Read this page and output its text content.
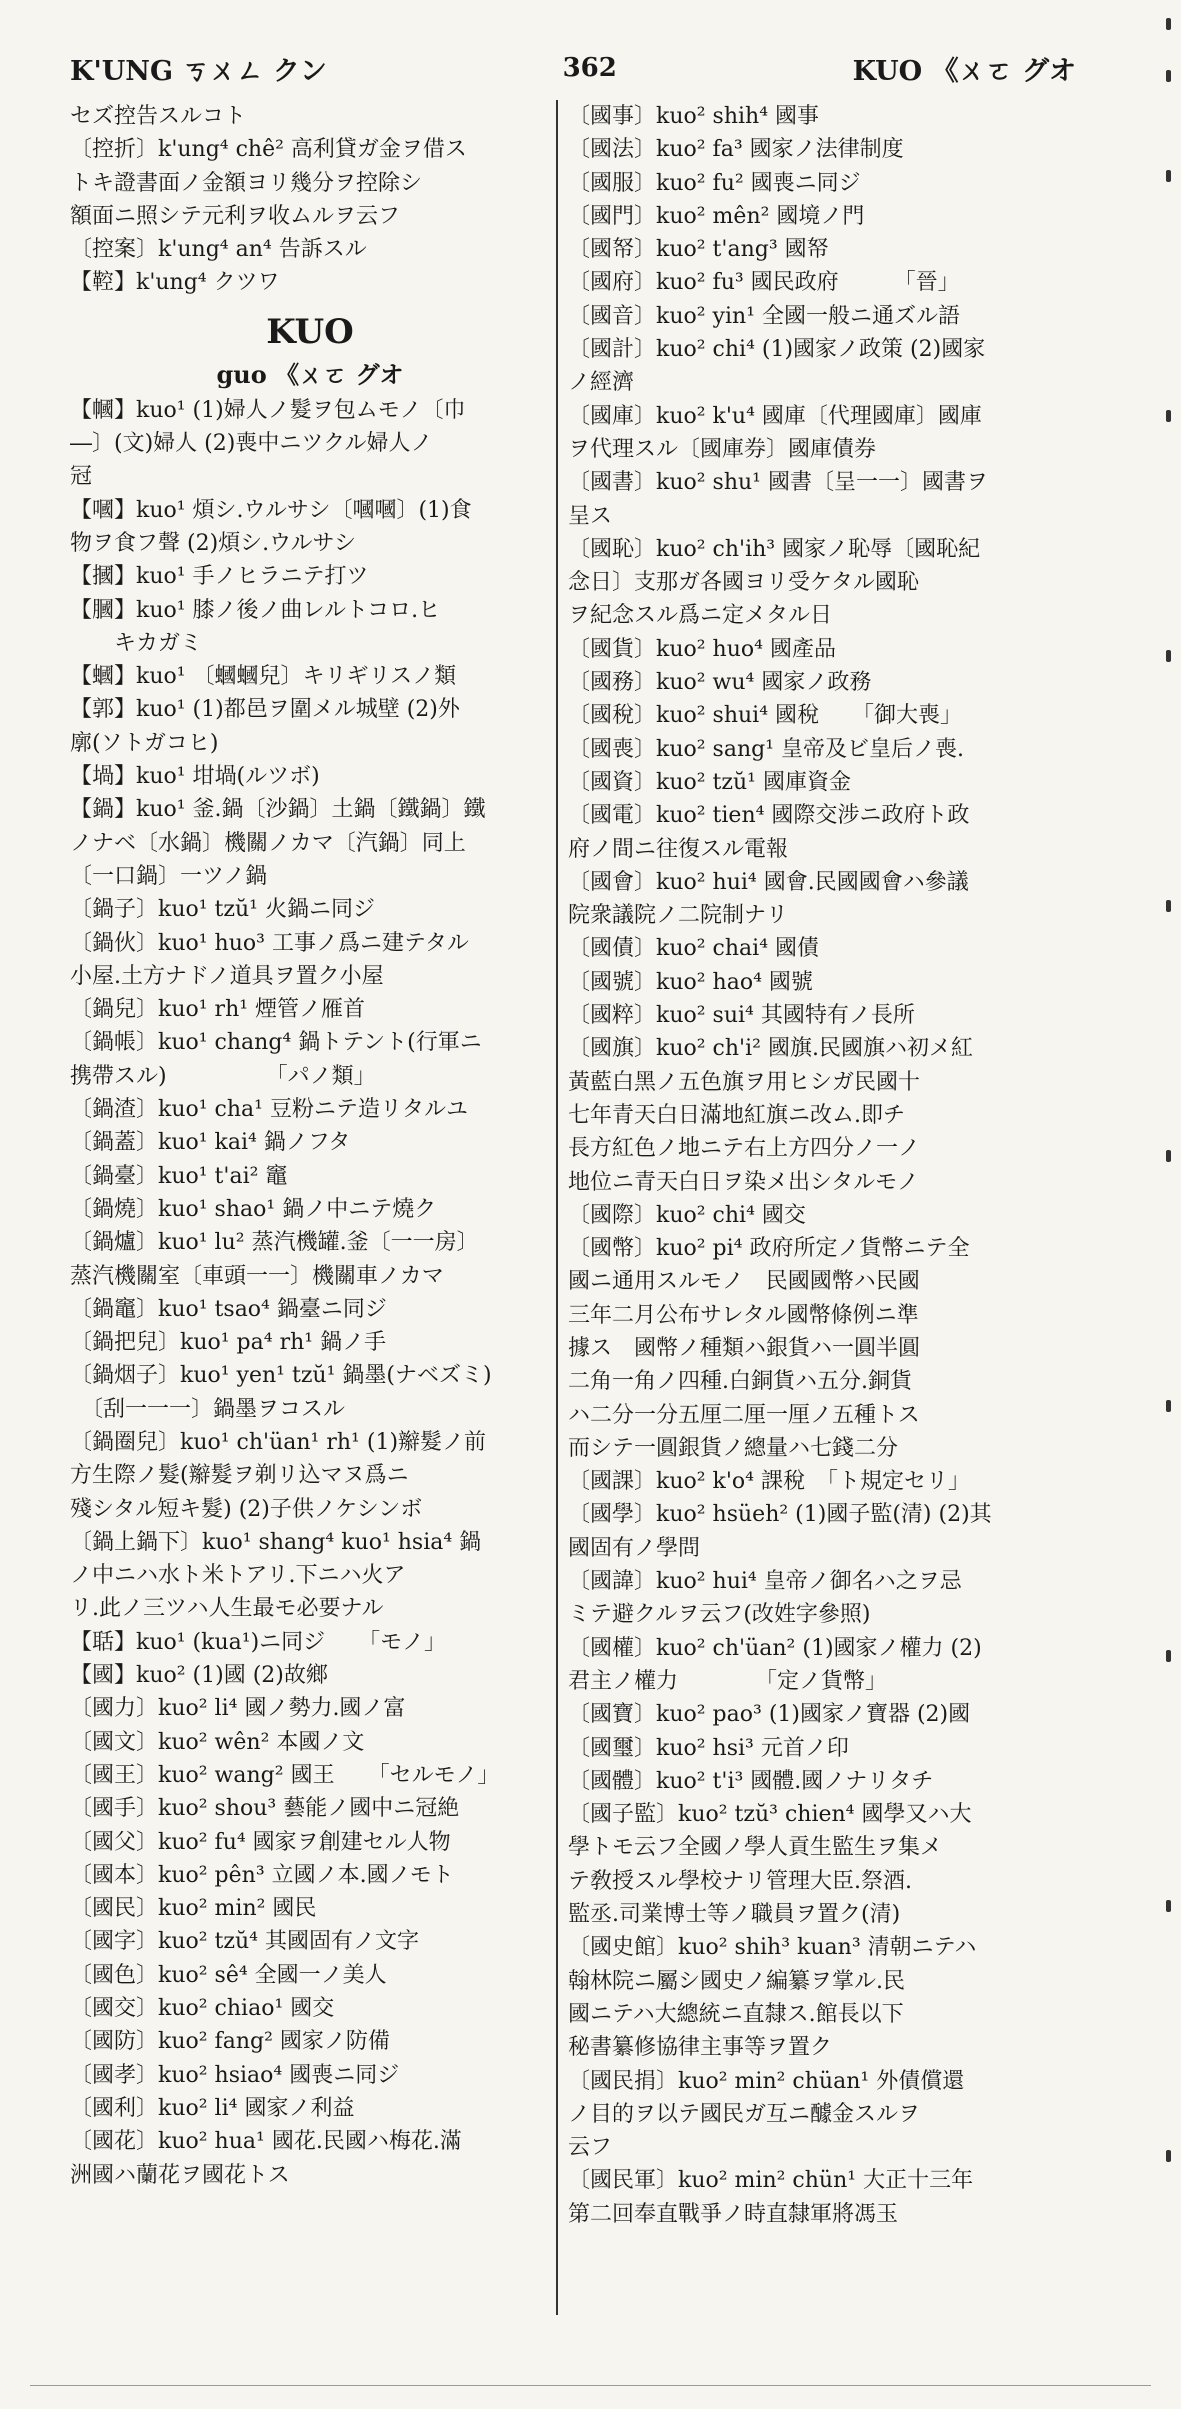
K'UNG ㄎㄨㄥ クン	362	KUO 《ㄨㄛ グオ
セズ控告スルコト
〔控折〕k'ung⁴ chê² 高利貸ガ金ヲ借ス
トキ證書面ノ金額ヨリ幾分ヲ控除シ
額面ニ照シテ元利ヲ收ムルヲ云フ
〔控案〕k'ung⁴ an⁴ 告訴スル
【鞚】k'ung⁴ クツワ
KUO
guo 《ㄨㄛ グオ
【幗】kuo¹ (1)婦人ノ髮ヲ包ムモノ〔巾
―〕(文)婦人 (2)喪中ニツクル婦人ノ
冠
【嘓】kuo¹ 煩シ.ウルサシ〔嘓嘓〕(1)食
物ヲ食フ聲 (2)煩シ.ウルサシ
【摑】kuo¹ 手ノヒラニテ打ツ
【膕】kuo¹ 膝ノ後ノ曲レルトコロ.ヒ
　　キカガミ
【蟈】kuo¹ 〔蟈蟈兒〕キリギリスノ類
【郭】kuo¹ (1)都邑ヲ圍メル城壁 (2)外
廓(ソトガコヒ)
【堝】kuo¹ 坩堝(ルツボ)
【鍋】kuo¹ 釜.鍋〔沙鍋〕土鍋〔鐵鍋〕鐵
ノナベ〔水鍋〕機關ノカマ〔汽鍋〕同上
〔一口鍋〕一ツノ鍋
〔鍋子〕kuo¹ tzŭ¹ 火鍋ニ同ジ
〔鍋伙〕kuo¹ huo³ 工事ノ爲ニ建テタル
小屋.土方ナドノ道具ヲ置ク小屋
〔鍋兒〕kuo¹ rh¹ 煙管ノ雁首
〔鍋帳〕kuo¹ chang⁴ 鍋トテント(行軍ニ
携帶スル)　　　　　「パノ類」
〔鍋渣〕kuo¹ cha¹ 豆粉ニテ造リタルユ
〔鍋蓋〕kuo¹ kai⁴ 鍋ノフタ
〔鍋臺〕kuo¹ t'ai² 竈
〔鍋燒〕kuo¹ shao¹ 鍋ノ中ニテ燒ク
〔鍋爐〕kuo¹ lu² 蒸汽機罐.釜〔一一房〕
蒸汽機關室〔車頭一一〕機關車ノカマ
〔鍋竈〕kuo¹ tsao⁴ 鍋臺ニ同ジ
〔鍋把兒〕kuo¹ pa⁴ rh¹ 鍋ノ手
〔鍋烟子〕kuo¹ yen¹ tzŭ¹ 鍋墨(ナベズミ)
　〔刮一一一〕鍋墨ヲコスル
〔鍋圈兒〕kuo¹ ch'üan¹ rh¹ (1)辮髮ノ前
方生際ノ髮(辮髮ヲ剃リ込マヌ爲ニ
殘シタル短キ髮) (2)子供ノケシンボ
〔鍋上鍋下〕kuo¹ shang⁴ kuo¹ hsia⁴ 鍋
ノ中ニハ水ト米トアリ.下ニハ火ア
リ.此ノ三ツハ人生最モ必要ナル
【聒】kuo¹ (kua¹)ニ同ジ　　「モノ」
【國】kuo² (1)國 (2)故鄉
〔國力〕kuo² li⁴ 國ノ勢力.國ノ富
〔國文〕kuo² wên² 本國ノ文
〔國王〕kuo² wang² 國王　　「セルモノ」
〔國手〕kuo² shou³ 藝能ノ國中ニ冠絶
〔國父〕kuo² fu⁴ 國家ヲ創建セル人物
〔國本〕kuo² pên³ 立國ノ本.國ノモト
〔國民〕kuo² min² 國民
〔國字〕kuo² tzŭ⁴ 其國固有ノ文字
〔國色〕kuo² sê⁴ 全國一ノ美人
〔國交〕kuo² chiao¹ 國交
〔國防〕kuo² fang² 國家ノ防備
〔國孝〕kuo² hsiao⁴ 國喪ニ同ジ
〔國利〕kuo² li⁴ 國家ノ利益
〔國花〕kuo² hua¹ 國花.民國ハ梅花.滿
洲國ハ蘭花ヲ國花トス
〔國事〕kuo² shih⁴ 國事
〔國法〕kuo² fa³ 國家ノ法律制度
〔國服〕kuo² fu² 國喪ニ同ジ
〔國門〕kuo² mên² 國境ノ門
〔國帑〕kuo² t'ang³ 國帑
〔國府〕kuo² fu³ 國民政府　　　「晉」
〔國音〕kuo² yin¹ 全國一般ニ通ズル語
〔國計〕kuo² chi⁴ (1)國家ノ政策 (2)國家
ノ經濟
〔國庫〕kuo² k'u⁴ 國庫〔代理國庫〕國庫
ヲ代理スル〔國庫券〕國庫債券
〔國書〕kuo² shu¹ 國書〔呈一一〕國書ヲ
呈ス
〔國恥〕kuo² ch'ih³ 國家ノ恥辱〔國恥紀
念日〕支那ガ各國ヨリ受ケタル國恥
ヲ紀念スル爲ニ定メタル日
〔國貨〕kuo² huo⁴ 國產品
〔國務〕kuo² wu⁴ 國家ノ政務
〔國稅〕kuo² shui⁴ 國稅　　「御大喪」
〔國喪〕kuo² sang¹ 皇帝及ビ皇后ノ喪.
〔國資〕kuo² tzŭ¹ 國庫資金
〔國電〕kuo² tien⁴ 國際交涉ニ政府ト政
府ノ間ニ往復スル電報
〔國會〕kuo² hui⁴ 國會.民國國會ハ參議
院衆議院ノ二院制ナリ
〔國債〕kuo² chai⁴ 國債
〔國號〕kuo² hao⁴ 國號
〔國粹〕kuo² sui⁴ 其國特有ノ長所
〔國旗〕kuo² ch'i² 國旗.民國旗ハ初メ紅
黃藍白黑ノ五色旗ヲ用ヒシガ民國十
七年青天白日滿地紅旗ニ改ム.即チ
長方紅色ノ地ニテ右上方四分ノ一ノ
地位ニ青天白日ヲ染メ出シタルモノ
〔國際〕kuo² chi⁴ 國交
〔國幣〕kuo² pi⁴ 政府所定ノ貨幣ニテ全
國ニ通用スルモノ　民國國幣ハ民國
三年二月公布サレタル國幣條例ニ準
據ス　國幣ノ種類ハ銀貨ハ一圓半圓
二角一角ノ四種.白銅貨ハ五分.銅貨
ハ二分一分五厘二厘一厘ノ五種トス
而シテ一圓銀貨ノ總量ハ七錢二分
〔國課〕kuo² k'o⁴ 課稅　「ト規定セリ」
〔國學〕kuo² hsüeh² (1)國子監(清) (2)其
國固有ノ學問
〔國諱〕kuo² hui⁴ 皇帝ノ御名ハ之ヲ忌
ミテ避クルヲ云フ(改姓字參照)
〔國權〕kuo² ch'üan² (1)國家ノ權力 (2)
君主ノ權力　　　　「定ノ貨幣」
〔國寶〕kuo² pao³ (1)國家ノ寶器 (2)國
〔國璽〕kuo² hsi³ 元首ノ印
〔國體〕kuo² t'i³ 國體.國ノナリタチ
〔國子監〕kuo² tzŭ³ chien⁴ 國學又ハ大
學トモ云フ全國ノ學人貢生監生ヲ集メ
テ敎授スル學校ナリ管理大臣.祭酒.
監丞.司業博士等ノ職員ヲ置ク(清)
〔國史館〕kuo² shih³ kuan³ 清朝ニテハ
翰林院ニ屬シ國史ノ編纂ヲ掌ル.民
國ニテハ大總統ニ直隸ス.館長以下
秘書纂修協律主事等ヲ置ク
〔國民捐〕kuo² min² chüan¹ 外債償還
ノ目的ヲ以テ國民ガ互ニ醵金スルヲ
云フ
〔國民軍〕kuo² min² chün¹ 大正十三年
第二回奉直戰爭ノ時直隸軍將馮玉
